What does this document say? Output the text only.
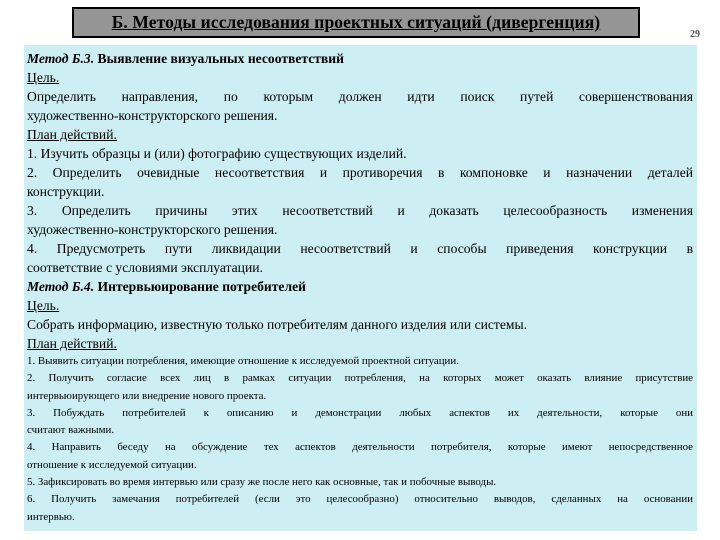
Б. Методы исследования проектных ситуаций (дивергенция)
29

Метод Б.3. Выявление визуальных несоответствий

Цель.

Определить направления, по которым должен идти поиск путей совершенствования

художественно-конструкторского решения.

План действий.

1. Изучить образцы и (или) фотографию существующих изделий.

2. Определить очевидные несоответствия и противоречия в компоновке и назначении деталей

конструкции.

3. Определить причины этих несоответствий и доказать целесообразность изменения

художественно-конструкторского решения.

4. Предусмотреть пути ликвидации несоответствий и способы приведения конструкции в

соответствие с условиями эксплуатации.

Метод Б.4. Интервьюирование потребителей

Цель.

Собрать информацию, известную только потребителям данного изделия или системы.

План действий.

1. Выявить ситуации потребления, имеющие отношение к исследуемой проектной ситуации.

2. Получить согласие всех лиц в рамках ситуации потребления, на которых может оказать влияние присутствие

интервьюирующего или внедрение нового проекта.

3. Побуждать потребителей к описанию и демонстрации любых аспектов их деятельности, которые они

считают важными.

4. Направить беседу на обсуждение тех аспектов деятельности потребителя, которые имеют непосредственное

отношение к исследуемой ситуации.

5. Зафиксировать во время интервью или сразу же после него как основные, так и побочные выводы.

6. Получить замечания потребителей (если это целесообразно) относительно выводов, сделанных на основании

интервью.
